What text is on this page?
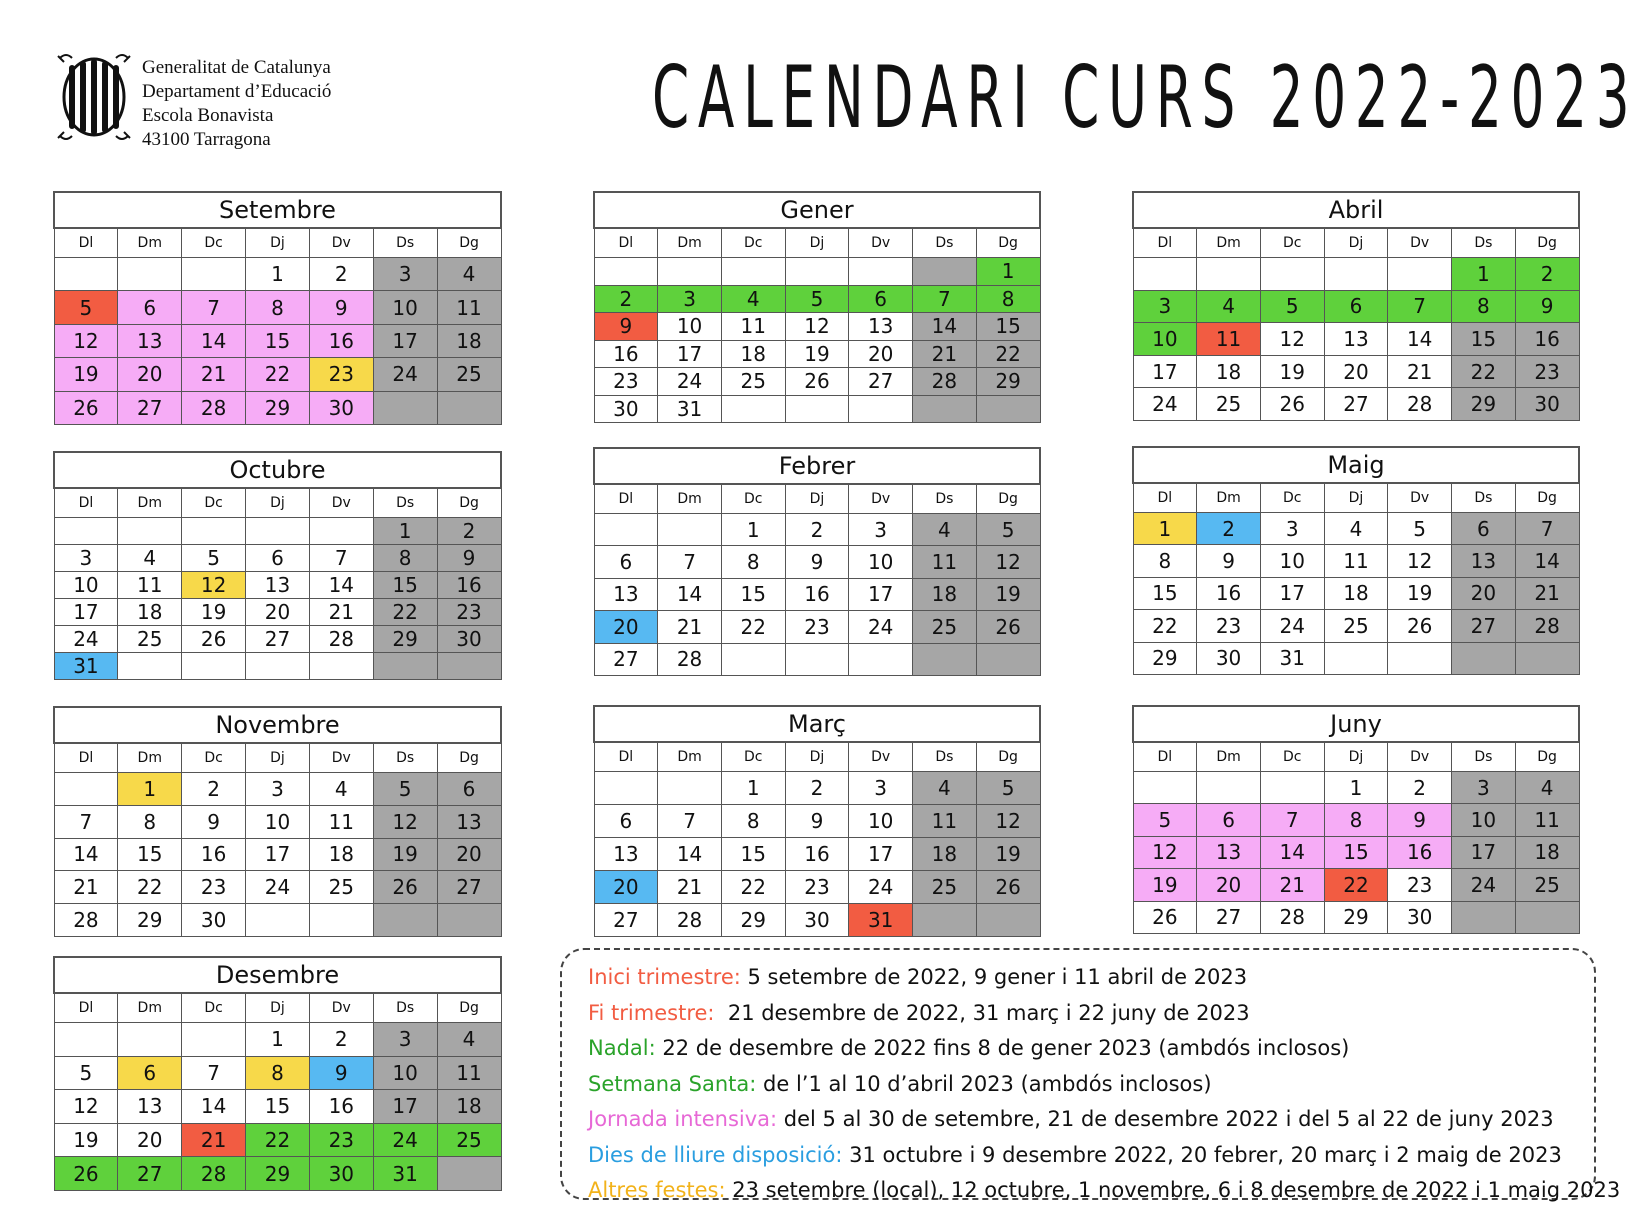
Generalitat de Catalunya
Departament d’Educació
Escola Bonavista
43100 Tarragona	CALENDARI CURS 2022-2023
Setembre						
Dl	Dm	Dc	Dj	Dv	Ds	Dg
			1	2	3	4
5	6	7	8	9	10	11
12	13	14	15	16	17	18
19	20	21	22	23	24	25
26	27	28	29	30		
Octubre						
Dl	Dm	Dc	Dj	Dv	Ds	Dg
					1	2
3	4	5	6	7	8	9
10	11	12	13	14	15	16
17	18	19	20	21	22	23
24	25	26	27	28	29	30
31						
Novembre						
Dl	Dm	Dc	Dj	Dv	Ds	Dg
	1	2	3	4	5	6
7	8	9	10	11	12	13
14	15	16	17	18	19	20
21	22	23	24	25	26	27
28	29	30				
Desembre						
Dl	Dm	Dc	Dj	Dv	Ds	Dg
			1	2	3	4
5	6	7	8	9	10	11
12	13	14	15	16	17	18
19	20	21	22	23	24	25
26	27	28	29	30	31	
Gener						
Dl	Dm	Dc	Dj	Dv	Ds	Dg
						1
2	3	4	5	6	7	8
9	10	11	12	13	14	15
16	17	18	19	20	21	22
23	24	25	26	27	28	29
30	31					
Febrer						
Dl	Dm	Dc	Dj	Dv	Ds	Dg
		1	2	3	4	5
6	7	8	9	10	11	12
13	14	15	16	17	18	19
20	21	22	23	24	25	26
27	28					
Març						
Dl	Dm	Dc	Dj	Dv	Ds	Dg
		1	2	3	4	5
6	7	8	9	10	11	12
13	14	15	16	17	18	19
20	21	22	23	24	25	26
27	28	29	30	31		
Abril						
Dl	Dm	Dc	Dj	Dv	Ds	Dg
					1	2
3	4	5	6	7	8	9
10	11	12	13	14	15	16
17	18	19	20	21	22	23
24	25	26	27	28	29	30
Maig						
Dl	Dm	Dc	Dj	Dv	Ds	Dg
1	2	3	4	5	6	7
8	9	10	11	12	13	14
15	16	17	18	19	20	21
22	23	24	25	26	27	28
29	30	31				
Juny						
Dl	Dm	Dc	Dj	Dv	Ds	Dg
			1	2	3	4
5	6	7	8	9	10	11
12	13	14	15	16	17	18
19	20	21	22	23	24	25
26	27	28	29	30		
Inici trimestre: 5 setembre de 2022, 9 gener i 11 abril de 2023
Fi trimestre:  21 desembre de 2022, 31 març i 22 juny de 2023
Nadal: 22 de desembre de 2022 fins 8 de gener 2023 (ambdós inclosos)
Setmana Santa: de l’1 al 10 d’abril 2023 (ambdós inclosos)
Jornada intensiva: del 5 al 30 de setembre, 21 de desembre 2022 i del 5 al 22 de juny 2023
Dies de lliure disposició: 31 octubre i 9 desembre 2022, 20 febrer, 20 març i 2 maig de 2023
Altres festes: 23 setembre (local), 12 octubre, 1 novembre, 6 i 8 desembre de 2022 i 1 maig 2023
